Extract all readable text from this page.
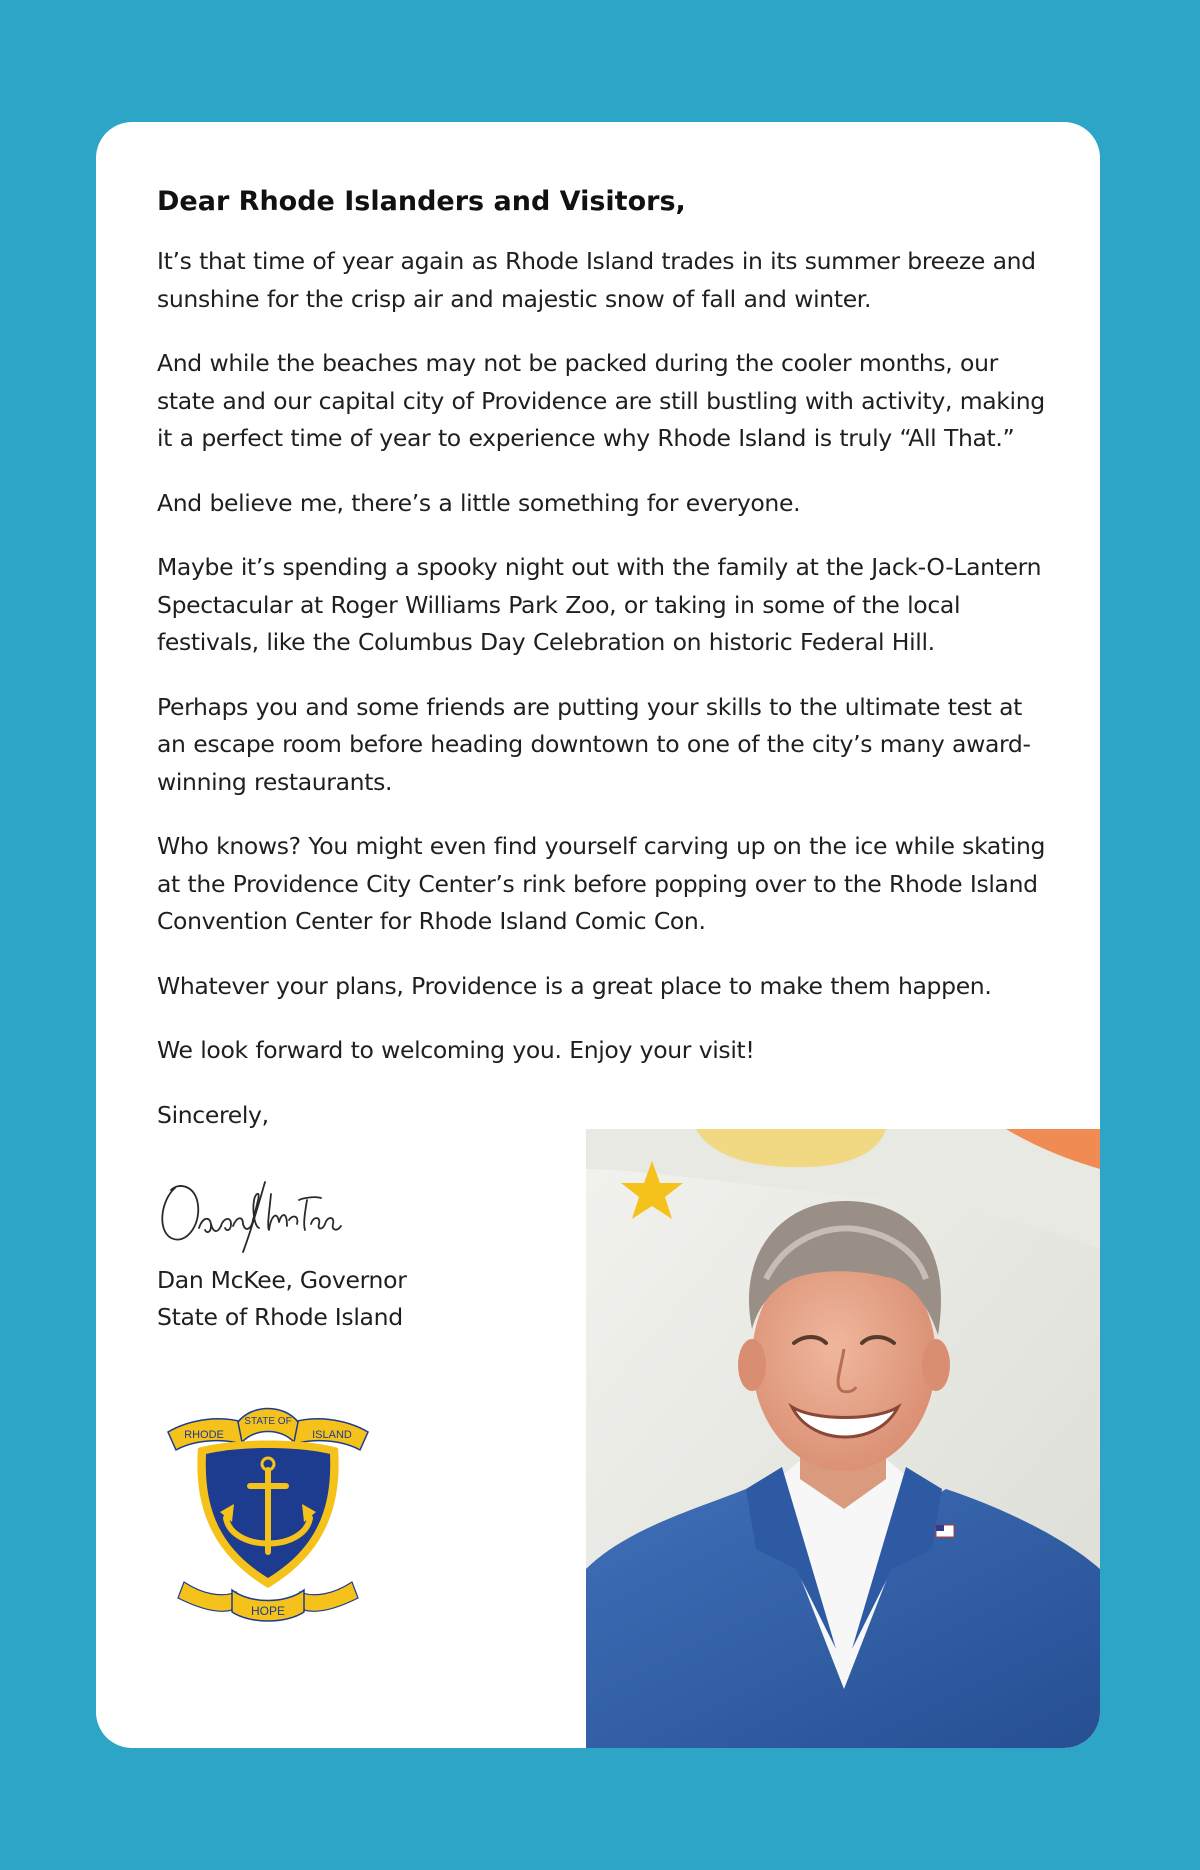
Dear Rhode Islanders and Visitors,

It’s that time of year again as Rhode Island trades in its summer breeze and sunshine for the crisp air and majestic snow of fall and winter.

And while the beaches may not be packed during the cooler months, our state and our capital city of Providence are still bustling with activity, making it a perfect time of year to experience why Rhode Island is truly “All That.”

And believe me, there’s a little something for everyone.

Maybe it’s spending a spooky night out with the family at the Jack-O-Lantern Spectacular at Roger Williams Park Zoo, or taking in some of the local festivals, like the Columbus Day Celebration on historic Federal Hill.

Perhaps you and some friends are putting your skills to the ultimate test at an escape room before heading downtown to one of the city’s many award-winning restaurants.

Who knows? You might even find yourself carving up on the ice while skating at the Providence City Center’s rink before popping over to the Rhode Island Convention Center for Rhode Island Comic Con.

Whatever your plans, Providence is a great place to make them happen.

We look forward to welcoming you. Enjoy your visit!

Sincerely,

Dan McKee, Governor
State of Rhode Island
RHODE
STATE OF
ISLAND
HOPE
